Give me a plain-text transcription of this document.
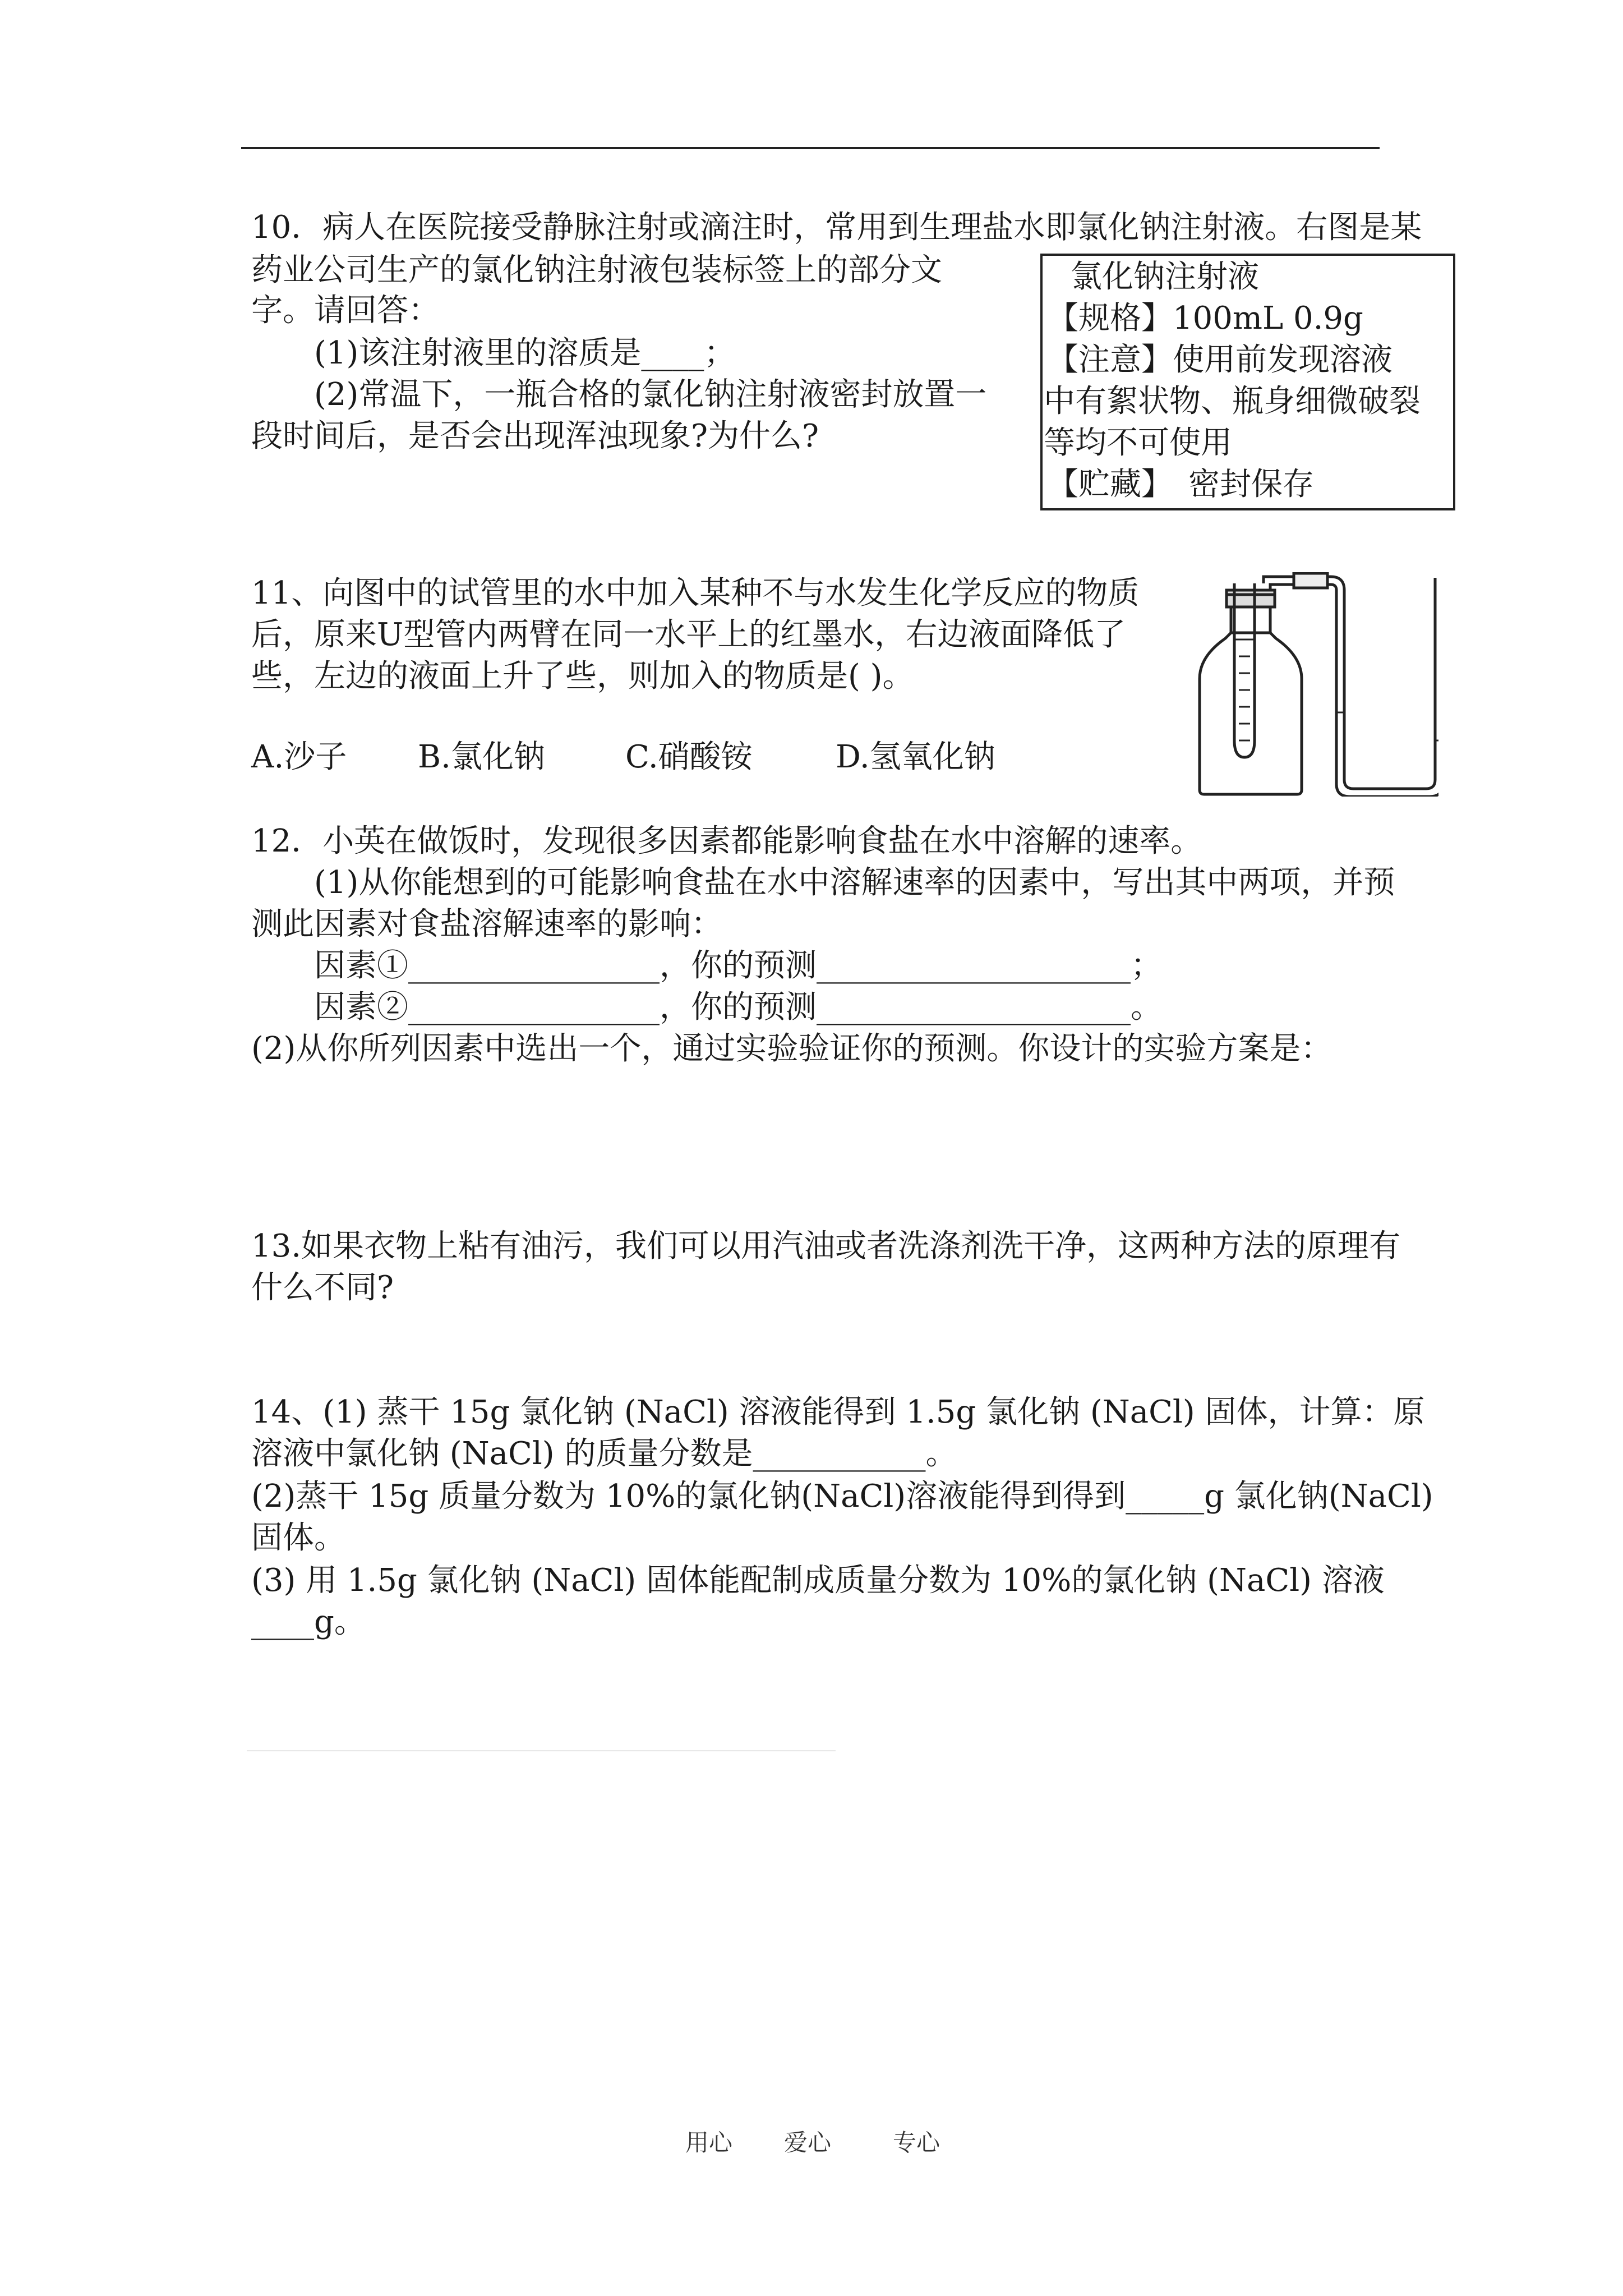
10．病人在医院接受静脉注射或滴注时，常用到生理盐水即氯化钠注射液。右图是某
药业公司生产的氯化钠注射液包装标签上的部分文
字。请回答：
(1)该注射液里的溶质是____；
(2)常温下，一瓶合格的氯化钠注射液密封放置一
段时间后，是否会出现浑浊现象?为什么?
氯化钠注射液
【规格】100mL 0.9g
【注意】使用前发现溶液
中有絮状物、瓶身细微破裂
等均不可使用
【贮藏】　密封保存
11、向图中的试管里的水中加入某种不与水发生化学反应的物质
后，原来U型管内两臂在同一水平上的红墨水，右边液面降低了
些，左边的液面上升了些，则加入的物质是( )。
A.沙子 B.氯化钠	C.硝酸铵	D.氢氧化钠
12．小英在做饭时，发现很多因素都能影响食盐在水中溶解的速率。
(1)从你能想到的可能影响食盐在水中溶解速率的因素中，写出其中两项，并预
测此因素对食盐溶解速率的影响：
因素①________________，你的预测____________________；
因素②________________，你的预测____________________。
(2)从你所列因素中选出一个，通过实验验证你的预测。你设计的实验方案是：
13.如果衣物上粘有油污，我们可以用汽油或者洗涤剂洗干净，这两种方法的原理有
什么不同?
14、(1) 蒸干 15g 氯化钠 (NaCl) 溶液能得到 1.5g 氯化钠 (NaCl) 固体，计算：原
溶液中氯化钠 (NaCl) 的质量分数是___________。
(2)蒸干 15g 质量分数为 10%的氯化钠(NaCl)溶液能得到得到_____g 氯化钠(NaCl)
固体。
(3) 用 1.5g 氯化钠 (NaCl) 固体能配制成质量分数为 10%的氯化钠 (NaCl) 溶液
____g。
用心 爱心	专心
